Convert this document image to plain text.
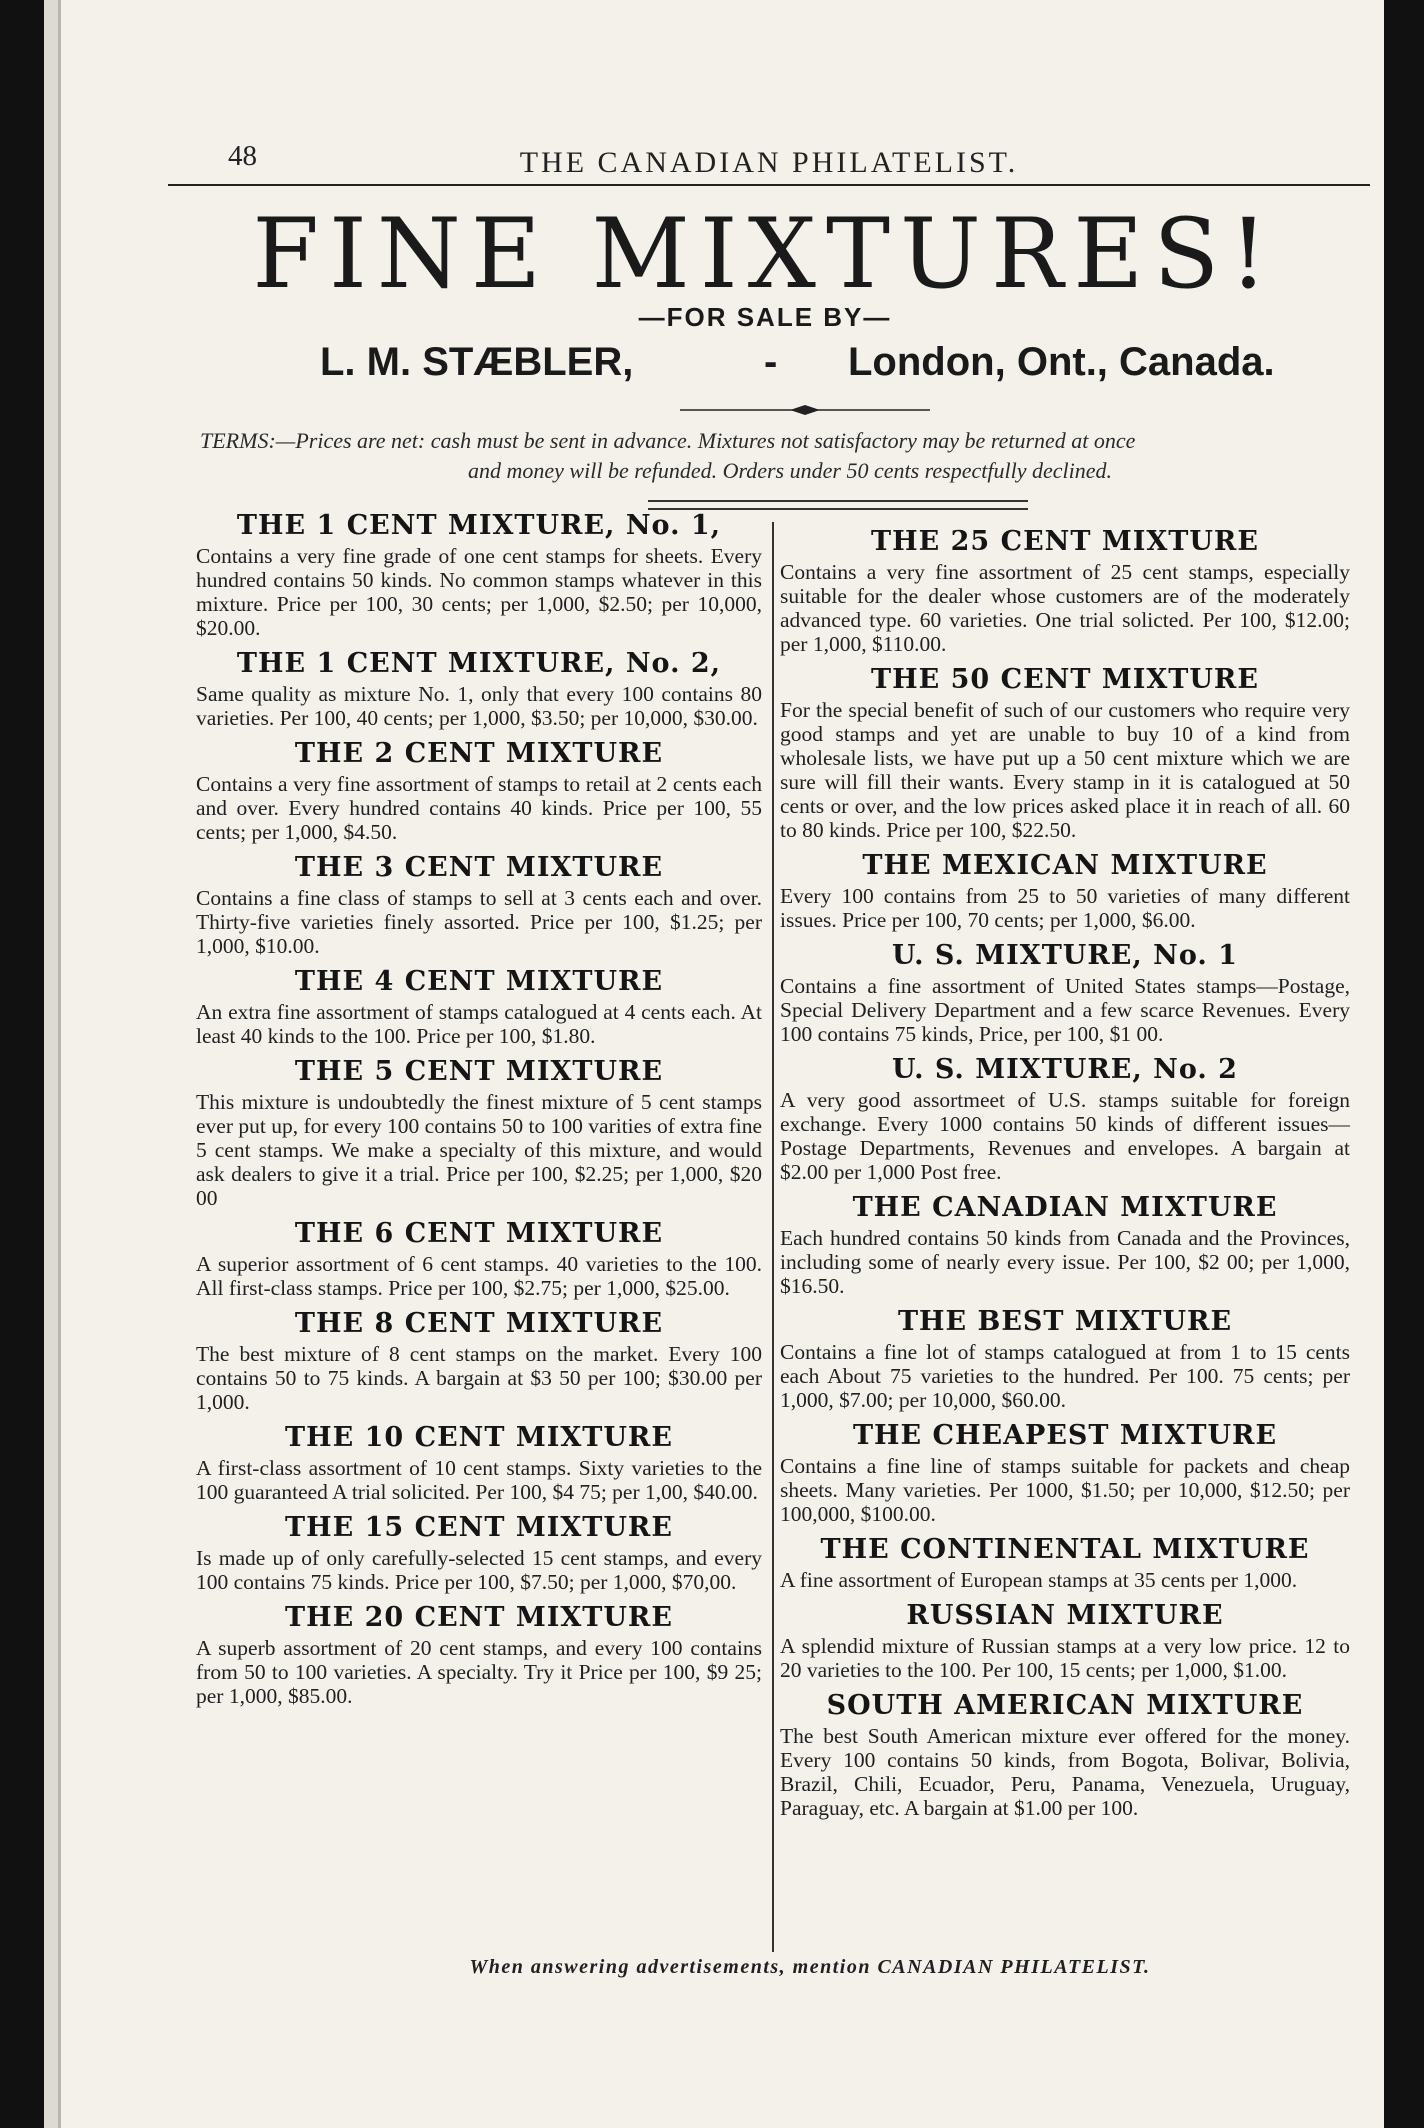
48	THE CANADIAN PHILATELIST.
FINE MIXTURES!
—FOR SALE BY—
L. M. STÆBLER,	- London, Ont., Canada.
TERMS:—Prices are net: cash must be sent in advance. Mixtures not satisfactory may be returned at once
and money will be refunded. Orders under 50 cents respectfully declined.
THE 1 CENT MIXTURE, No. 1,

Contains a very fine grade of one cent stamps for sheets. Every hundred contains 50 kinds. No common stamps whatever in this mixture. Price per 100, 30 cents; per 1,000, $2.50; per 10,000, $20.00.

THE 1 CENT MIXTURE, No. 2,

Same quality as mixture No. 1, only that every 100 contains 80 varieties. Per 100, 40 cents; per 1,000, $3.50; per 10,000, $30.00.

THE 2 CENT MIXTURE

Contains a very fine assortment of stamps to retail at 2 cents each and over. Every hundred contains 40 kinds. Price per 100, 55 cents; per 1,000, $4.50.

THE 3 CENT MIXTURE

Contains a fine class of stamps to sell at 3 cents each and over. Thirty-five varieties finely assorted. Price per 100, $1.25; per 1,000, $10.00.

THE 4 CENT MIXTURE

An extra fine assortment of stamps catalogued at 4 cents each. At least 40 kinds to the 100. Price per 100, $1.80.

THE 5 CENT MIXTURE

This mixture is undoubtedly the finest mixture of 5 cent stamps ever put up, for every 100 contains 50 to 100 varities of extra fine 5 cent stamps. We make a specialty of this mixture, and would ask dealers to give it a trial. Price per 100, $2.25; per 1,000, $20 00

THE 6 CENT MIXTURE

A superior assortment of 6 cent stamps. 40 varieties to the 100. All first-class stamps. Price per 100, $2.75; per 1,000, $25.00.

THE 8 CENT MIXTURE

The best mixture of 8 cent stamps on the market. Every 100 contains 50 to 75 kinds. A bargain at $3 50 per 100; $30.00 per 1,000.

THE 10 CENT MIXTURE

A first-class assortment of 10 cent stamps. Sixty varieties to the 100 guaranteed A trial solicited. Per 100, $4 75; per 1,00, $40.00.

THE 15 CENT MIXTURE

Is made up of only carefully-selected 15 cent stamps, and every 100 contains 75 kinds. Price per 100, $7.50; per 1,000, $70,00.

THE 20 CENT MIXTURE

A superb assortment of 20 cent stamps, and every 100 contains from 50 to 100 varieties. A specialty. Try it Price per 100, $9 25; per 1,000, $85.00.

THE 25 CENT MIXTURE

Contains a very fine assortment of 25 cent stamps, especially suitable for the dealer whose customers are of the moderately advanced type. 60 varieties. One trial solicted. Per 100, $12.00; per 1,000, $110.00.

THE 50 CENT MIXTURE

For the special benefit of such of our customers who require very good stamps and yet are unable to buy 10 of a kind from wholesale lists, we have put up a 50 cent mixture which we are sure will fill their wants. Every stamp in it is catalogued at 50 cents or over, and the low prices asked place it in reach of all. 60 to 80 kinds. Price per 100, $22.50.

THE MEXICAN MIXTURE

Every 100 contains from 25 to 50 varieties of many different issues. Price per 100, 70 cents; per 1,000, $6.00.

U. S. MIXTURE, No. 1

Contains a fine assortment of United States stamps—Postage, Special Delivery Department and a few scarce Revenues. Every 100 contains 75 kinds, Price, per 100, $1 00.

U. S. MIXTURE, No. 2

A very good assortmeet of U.S. stamps suitable for foreign exchange. Every 1000 contains 50 kinds of different issues—Postage Departments, Revenues and envelopes. A bargain at $2.00 per 1,000 Post free.

THE CANADIAN MIXTURE

Each hundred contains 50 kinds from Canada and the Provinces, including some of nearly every issue. Per 100, $2 00; per 1,000, $16.50.

THE BEST MIXTURE

Contains a fine lot of stamps catalogued at from 1 to 15 cents each About 75 varieties to the hundred. Per 100. 75 cents; per 1,000, $7.00; per 10,000, $60.00.

THE CHEAPEST MIXTURE

Contains a fine line of stamps suitable for packets and cheap sheets. Many varieties. Per 1000, $1.50; per 10,000, $12.50; per 100,000, $100.00.

THE CONTINENTAL MIXTURE

A fine assortment of European stamps at 35 cents per 1,000.

RUSSIAN MIXTURE

A splendid mixture of Russian stamps at a very low price. 12 to 20 varieties to the 100. Per 100, 15 cents; per 1,000, $1.00.

SOUTH AMERICAN MIXTURE

The best South American mixture ever offered for the money. Every 100 contains 50 kinds, from Bogota, Bolivar, Bolivia, Brazil, Chili, Ecuador, Peru, Panama, Venezuela, Uruguay, Paraguay, etc. A bargain at $1.00 per 100.

When answering advertisements, mention CANADIAN PHILATELIST.
